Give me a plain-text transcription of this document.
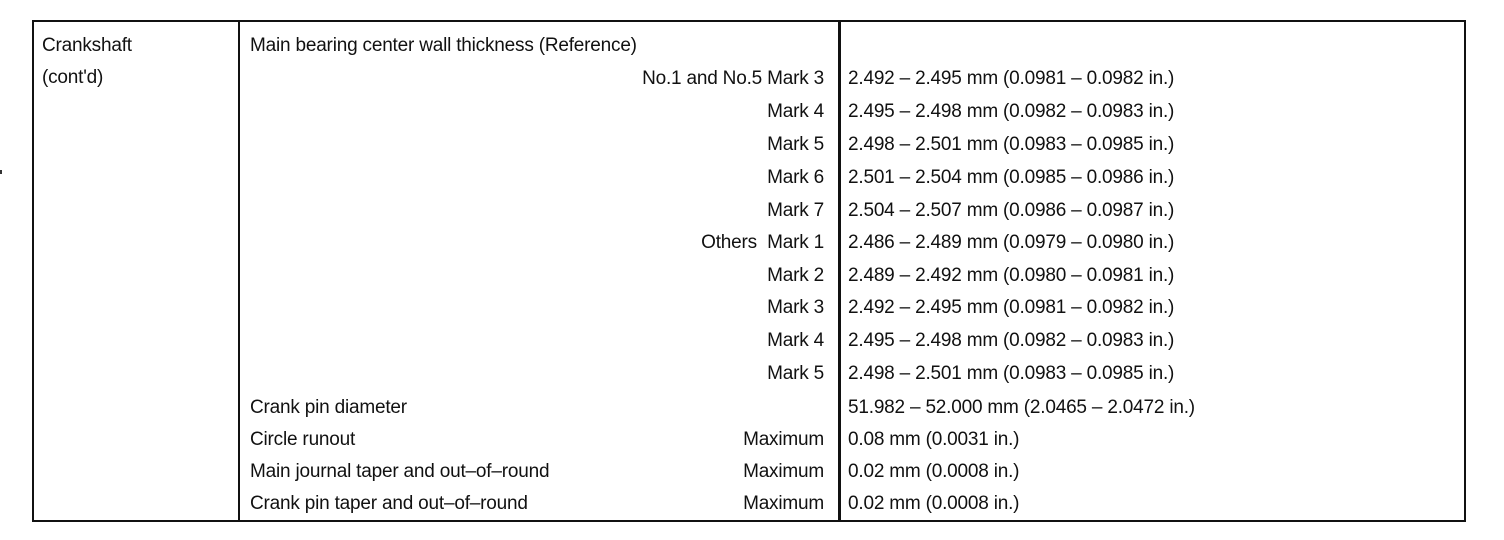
Crankshaft
(cont'd)
Main bearing center wall thickness (Reference)
No.1 and No.5 Mark 3 2.492 – 2.495 mm (0.0981 – 0.0982 in.)
Mark 4 2.495 – 2.498 mm (0.0982 – 0.0983 in.)
Mark 5 2.498 – 2.501 mm (0.0983 – 0.0985 in.)
Mark 6 2.501 – 2.504 mm (0.0985 – 0.0986 in.)
Mark 7 2.504 – 2.507 mm (0.0986 – 0.0987 in.)
Others Mark 1 2.486 – 2.489 mm (0.0979 – 0.0980 in.)
Mark 2 2.489 – 2.492 mm (0.0980 – 0.0981 in.)
Mark 3 2.492 – 2.495 mm (0.0981 – 0.0982 in.)
Mark 4 2.495 – 2.498 mm (0.0982 – 0.0983 in.)
Mark 5 2.498 – 2.501 mm (0.0983 – 0.0985 in.)
Crank pin diameter	51.982 – 52.000 mm (2.0465 – 2.0472 in.)
Circle runout	Maximum 0.08 mm (0.0031 in.)
Main journal taper and out–of–round	Maximum 0.02 mm (0.0008 in.)
Crank pin taper and out–of–round	Maximum 0.02 mm (0.0008 in.)
